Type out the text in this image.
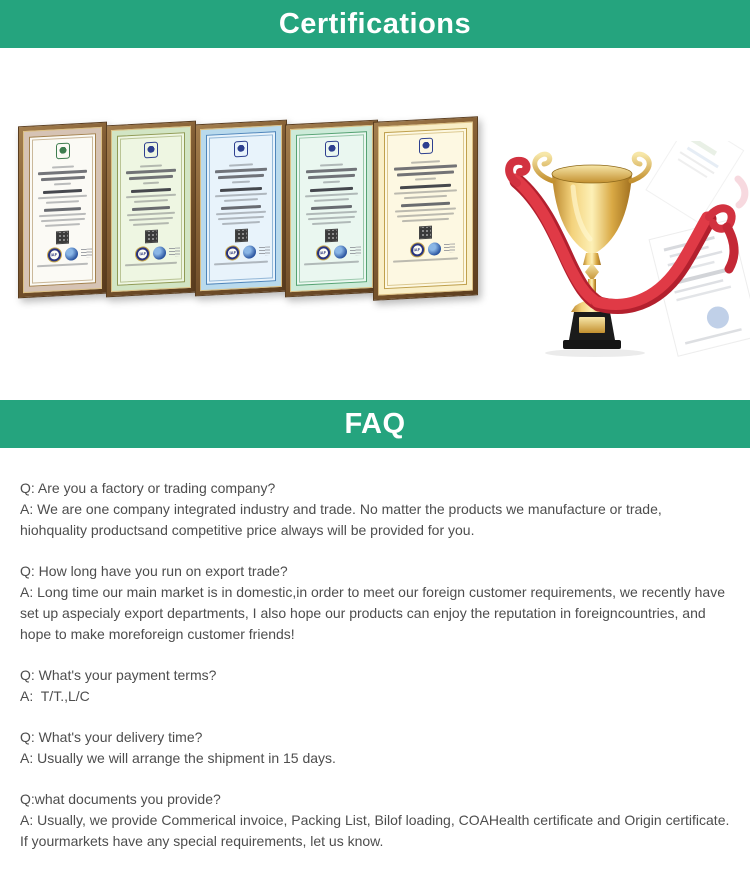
Certifications
IAF	IAF	IAF	IAF
IAF
FAQ
Q: Are you a factory or trading company?
A: We are one company integrated industry and trade. No matter the products we manufacture or trade, hiohquality productsand competitive price always will be provided for you.
Q: How long have you run on export trade?
A: Long time our main market is in domestic,in order to meet our foreign customer requirements, we recently have set up aspecialy export departments, I also hope our products can enjoy the reputation in foreigncountries, and hope to make moreforeign customer friends!
Q: What's your payment terms?
A:  T/T.,L/C
Q: What's your delivery time?
A: Usually we will arrange the shipment in 15 days.
Q:what documents you provide?
A: Usually, we provide Commerical invoice, Packing List, Bilof loading, COAHealth certificate and Origin certificate. If yourmarkets have any special requirements, let us know.
